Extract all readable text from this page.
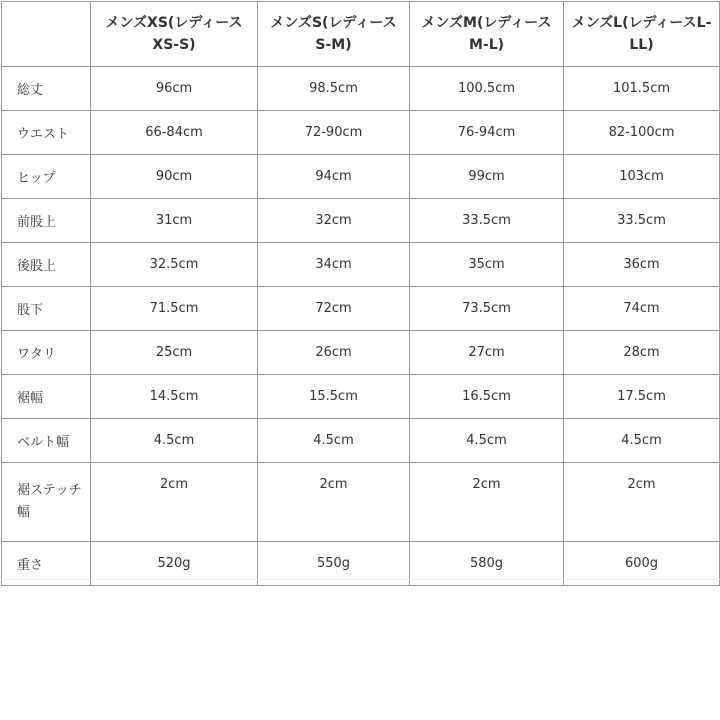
	メンズXS(レディースXS-S)	メンズS(レディースS-M)	メンズM(レディースM-L)	メンズL(レディースL-LL)

総丈	96cm	98.5cm	100.5cm	101.5cm
ウエスト	66-84cm	72-90cm	76-94cm	82-100cm
ヒップ	90cm	94cm	99cm	103cm
前股上	31cm	32cm	33.5cm	33.5cm
後股上	32.5cm	34cm	35cm	36cm
股下	71.5cm	72cm	73.5cm	74cm
ワタリ	25cm	26cm	27cm	28cm
裾幅	14.5cm	15.5cm	16.5cm	17.5cm
ベルト幅	4.5cm	4.5cm	4.5cm	4.5cm

裾ステッチ幅	2cm	2cm	2cm	2cm
重さ	520g	550g	580g	600g
